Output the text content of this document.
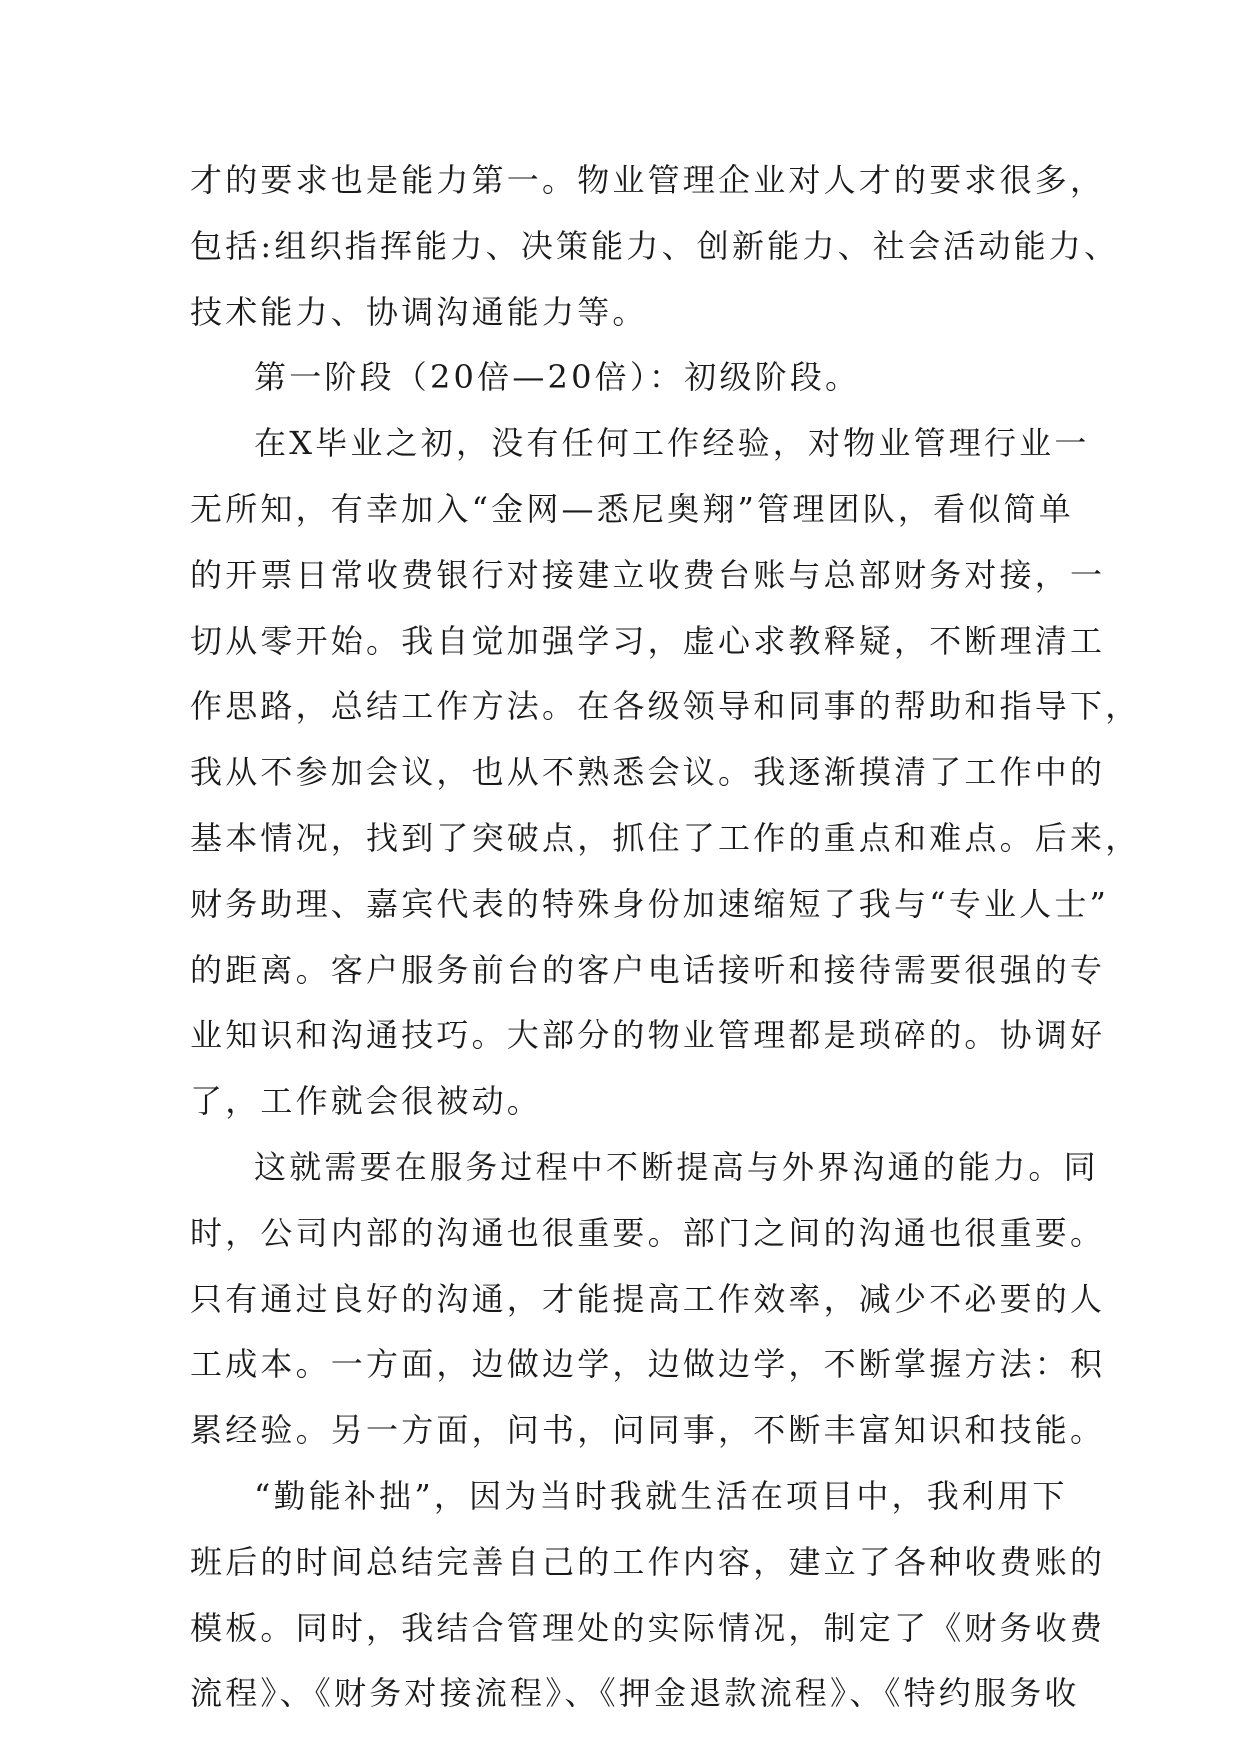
才的要求也是能力第一。物业管理企业对人才的要求很多，
包括:组织指挥能力、决策能力、创新能力、社会活动能力、
技术能力、协调沟通能力等。
第一阶段（20倍—20倍）：初级阶段。
在X毕业之初，没有任何工作经验，对物业管理行业一
无所知，有幸加入“金网—悉尼奥翔”管理团队，看似简单
的开票日常收费银行对接建立收费台账与总部财务对接，一
切从零开始。我自觉加强学习，虚心求教释疑，不断理清工
作思路，总结工作方法。在各级领导和同事的帮助和指导下，
我从不参加会议，也从不熟悉会议。我逐渐摸清了工作中的
基本情况，找到了突破点，抓住了工作的重点和难点。后来，
财务助理、嘉宾代表的特殊身份加速缩短了我与“专业人士”
的距离。客户服务前台的客户电话接听和接待需要很强的专
业知识和沟通技巧。大部分的物业管理都是琐碎的。协调好
了，工作就会很被动。
这就需要在服务过程中不断提高与外界沟通的能力。同
时，公司内部的沟通也很重要。部门之间的沟通也很重要。
只有通过良好的沟通，才能提高工作效率，减少不必要的人
工成本。一方面，边做边学，边做边学，不断掌握方法：积
累经验。另一方面，问书，问同事，不断丰富知识和技能。
“勤能补拙”，因为当时我就生活在项目中，我利用下
班后的时间总结完善自己的工作内容，建立了各种收费账的
模板。同时，我结合管理处的实际情况，制定了《财务收费
流程》、《财务对接流程》、《押金退款流程》、《特约服务收
